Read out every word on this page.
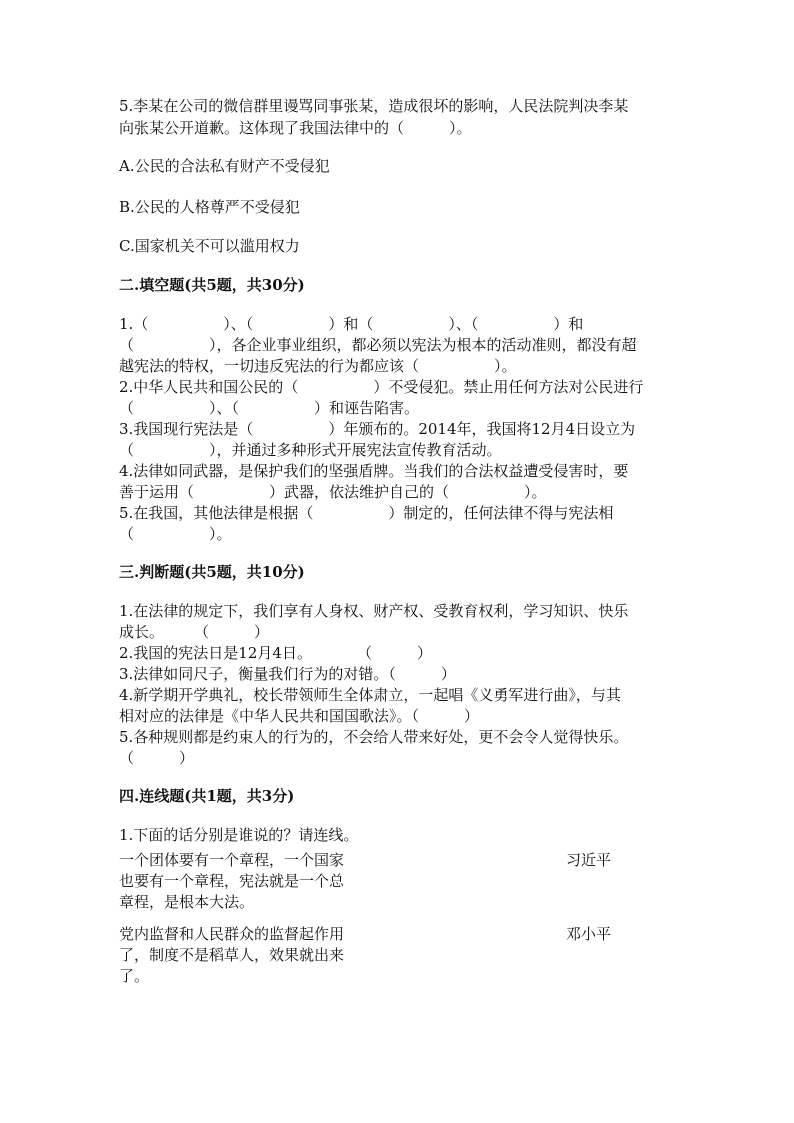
5.李某在公司的微信群里谩骂同事张某，造成很坏的影响，人民法院判决李某
向张某公开道歉。这体现了我国法律中的（　　　）。
A.公民的合法私有财产不受侵犯
B.公民的人格尊严不受侵犯
C.国家机关不可以滥用权力
二.填空题(共5题，共30分)
1.（　　　　　）、（　　　　　）和（　　　　　）、（　　　　　）和
（　　　　　），各企业事业组织，都必须以宪法为根本的活动准则，都没有超
越宪法的特权，一切违反宪法的行为都应该（　　　　　）。
2.中华人民共和国公民的（　　　　　）不受侵犯。禁止用任何方法对公民进行
（　　　　　）、（　　　　　）和诬告陷害。
3.我国现行宪法是（　　　　　）年颁布的。2014年，我国将12月4日设立为
（　　　　　），并通过多种形式开展宪法宣传教育活动。
4.法律如同武器，是保护我们的坚强盾牌。当我们的合法权益遭受侵害时，要
善于运用（　　　　　）武器，依法维护自己的（　　　　　）。
5.在我国，其他法律是根据（　　　　　）制定的，任何法律不得与宪法相
（　　　　　）。
三.判断题(共5题，共10分)
1.在法律的规定下，我们享有人身权、财产权、受教育权利，学习知识、快乐
成长。　　　（　　　）
2.我国的宪法日是12月4日。　　　　（　　　）
3.法律如同尺子，衡量我们行为的对错。（　　　）
4.新学期开学典礼，校长带领师生全体肃立，一起唱《义勇军进行曲》，与其
相对应的法律是《中华人民共和国国歌法》。（　　　）
5.各种规则都是约束人的行为的，不会给人带来好处，更不会令人觉得快乐。
（　　　）
四.连线题(共1题，共3分)
1.下面的话分别是谁说的？请连线。
一个团体要有一个章程，一个国家也要有一个章程，宪法就是一个总章程，是根本大法。
习近平
党内监督和人民群众的监督起作用了，制度不是稻草人，效果就出来了。
邓小平
